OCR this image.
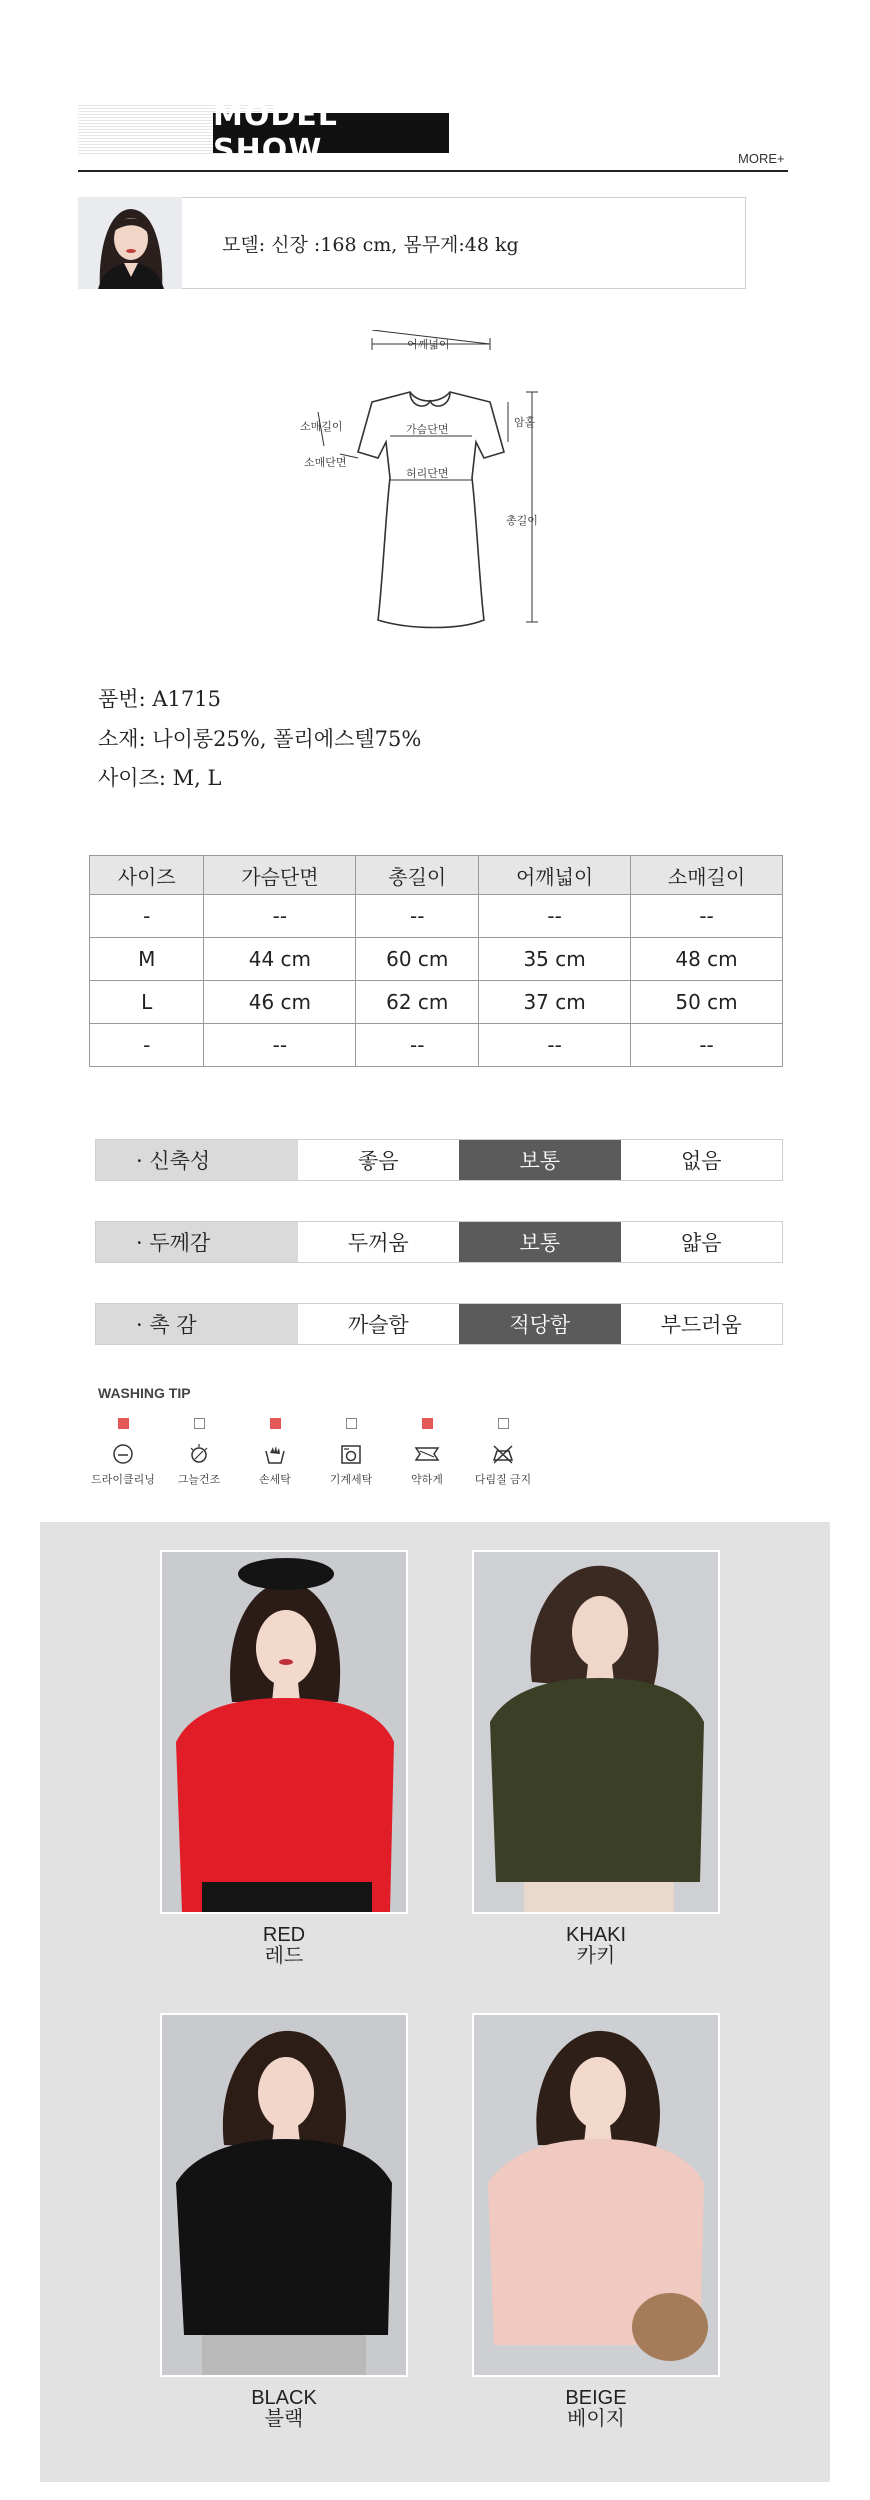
MODEL SHOW	MORE+
모델: 신장 :168 cm, 몸무게:48 kg
어깨넓이
소매길이
소매단면
가슴단면
암홀
허리단면
총길이
품번: A1715
소재: 나이롱25%, 폴리에스텔75%
사이즈: M, L
사이즈	가슴단면	총길이	어깨넓이	소매길이
-	--	--	--	--
M	44 cm	60 cm	35 cm	48 cm
L	46 cm	62 cm	37 cm	50 cm
-	--	--	--	--
· 신축성	좋음	보통	없음
· 두께감	두꺼움	보통	얇음
· 촉 감	까슬함	적당함	부드러움
WASHING TIP
드라이클리닝	그늘건조	손세탁	기계세탁	약하게	다림질 금지
RED
레드
KHAKI
카키
BLACK
블랙
BEIGE
베이지
